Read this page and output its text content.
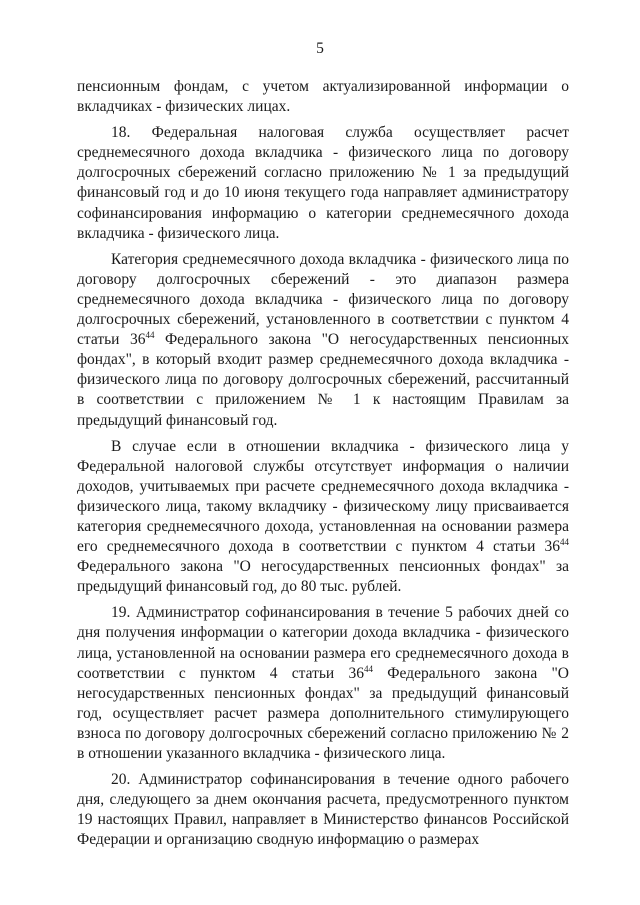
5

пенсионным фондам, с учетом актуализированной информации о вкладчиках - физических лицах.

18. Федеральная налоговая служба осуществляет расчет среднемесячного дохода вкладчика - физического лица по договору долгосрочных сбережений согласно приложению № 1 за предыдущий финансовый год и до 10 июня текущего года направляет администратору софинансирования информацию о категории среднемесячного дохода вкладчика - физического лица.

Категория среднемесячного дохода вкладчика - физического лица по договору долгосрочных сбережений - это диапазон размера среднемесячного дохода вкладчика - физического лица по договору долгосрочных сбережений, установленного в соответствии с пунктом 4 статьи $36^{44}$ Федерального закона "О негосударственных пенсионных фондах", в который входит размер среднемесячного дохода вкладчика - физического лица по договору долгосрочных сбережений, рассчитанный в соответствии с приложением № 1 к настоящим Правилам за предыдущий финансовый год.

В случае если в отношении вкладчика - физического лица у Федеральной налоговой службы отсутствует информация о наличии доходов, учитываемых при расчете среднемесячного дохода вкладчика - физического лица, такому вкладчику - физическому лицу присваивается категория среднемесячного дохода, установленная на основании размера его среднемесячного дохода в соответствии с пунктом 4 статьи $36^{44}$ Федерального закона "О негосударственных пенсионных фондах" за предыдущий финансовый год, до 80 тыс. рублей.

19. Администратор софинансирования в течение 5 рабочих дней со дня получения информации о категории дохода вкладчика - физического лица, установленной на основании размера его среднемесячного дохода в соответствии с пунктом 4 статьи $36^{44}$ Федерального закона "О негосударственных пенсионных фондах" за предыдущий финансовый год, осуществляет расчет размера дополнительного стимулирующего взноса по договору долгосрочных сбережений согласно приложению № 2 в отношении указанного вкладчика - физического лица.

20. Администратор софинансирования в течение одного рабочего дня, следующего за днем окончания расчета, предусмотренного пунктом 19 настоящих Правил, направляет в Министерство финансов Российской Федерации и организацию сводную информацию о размерах
